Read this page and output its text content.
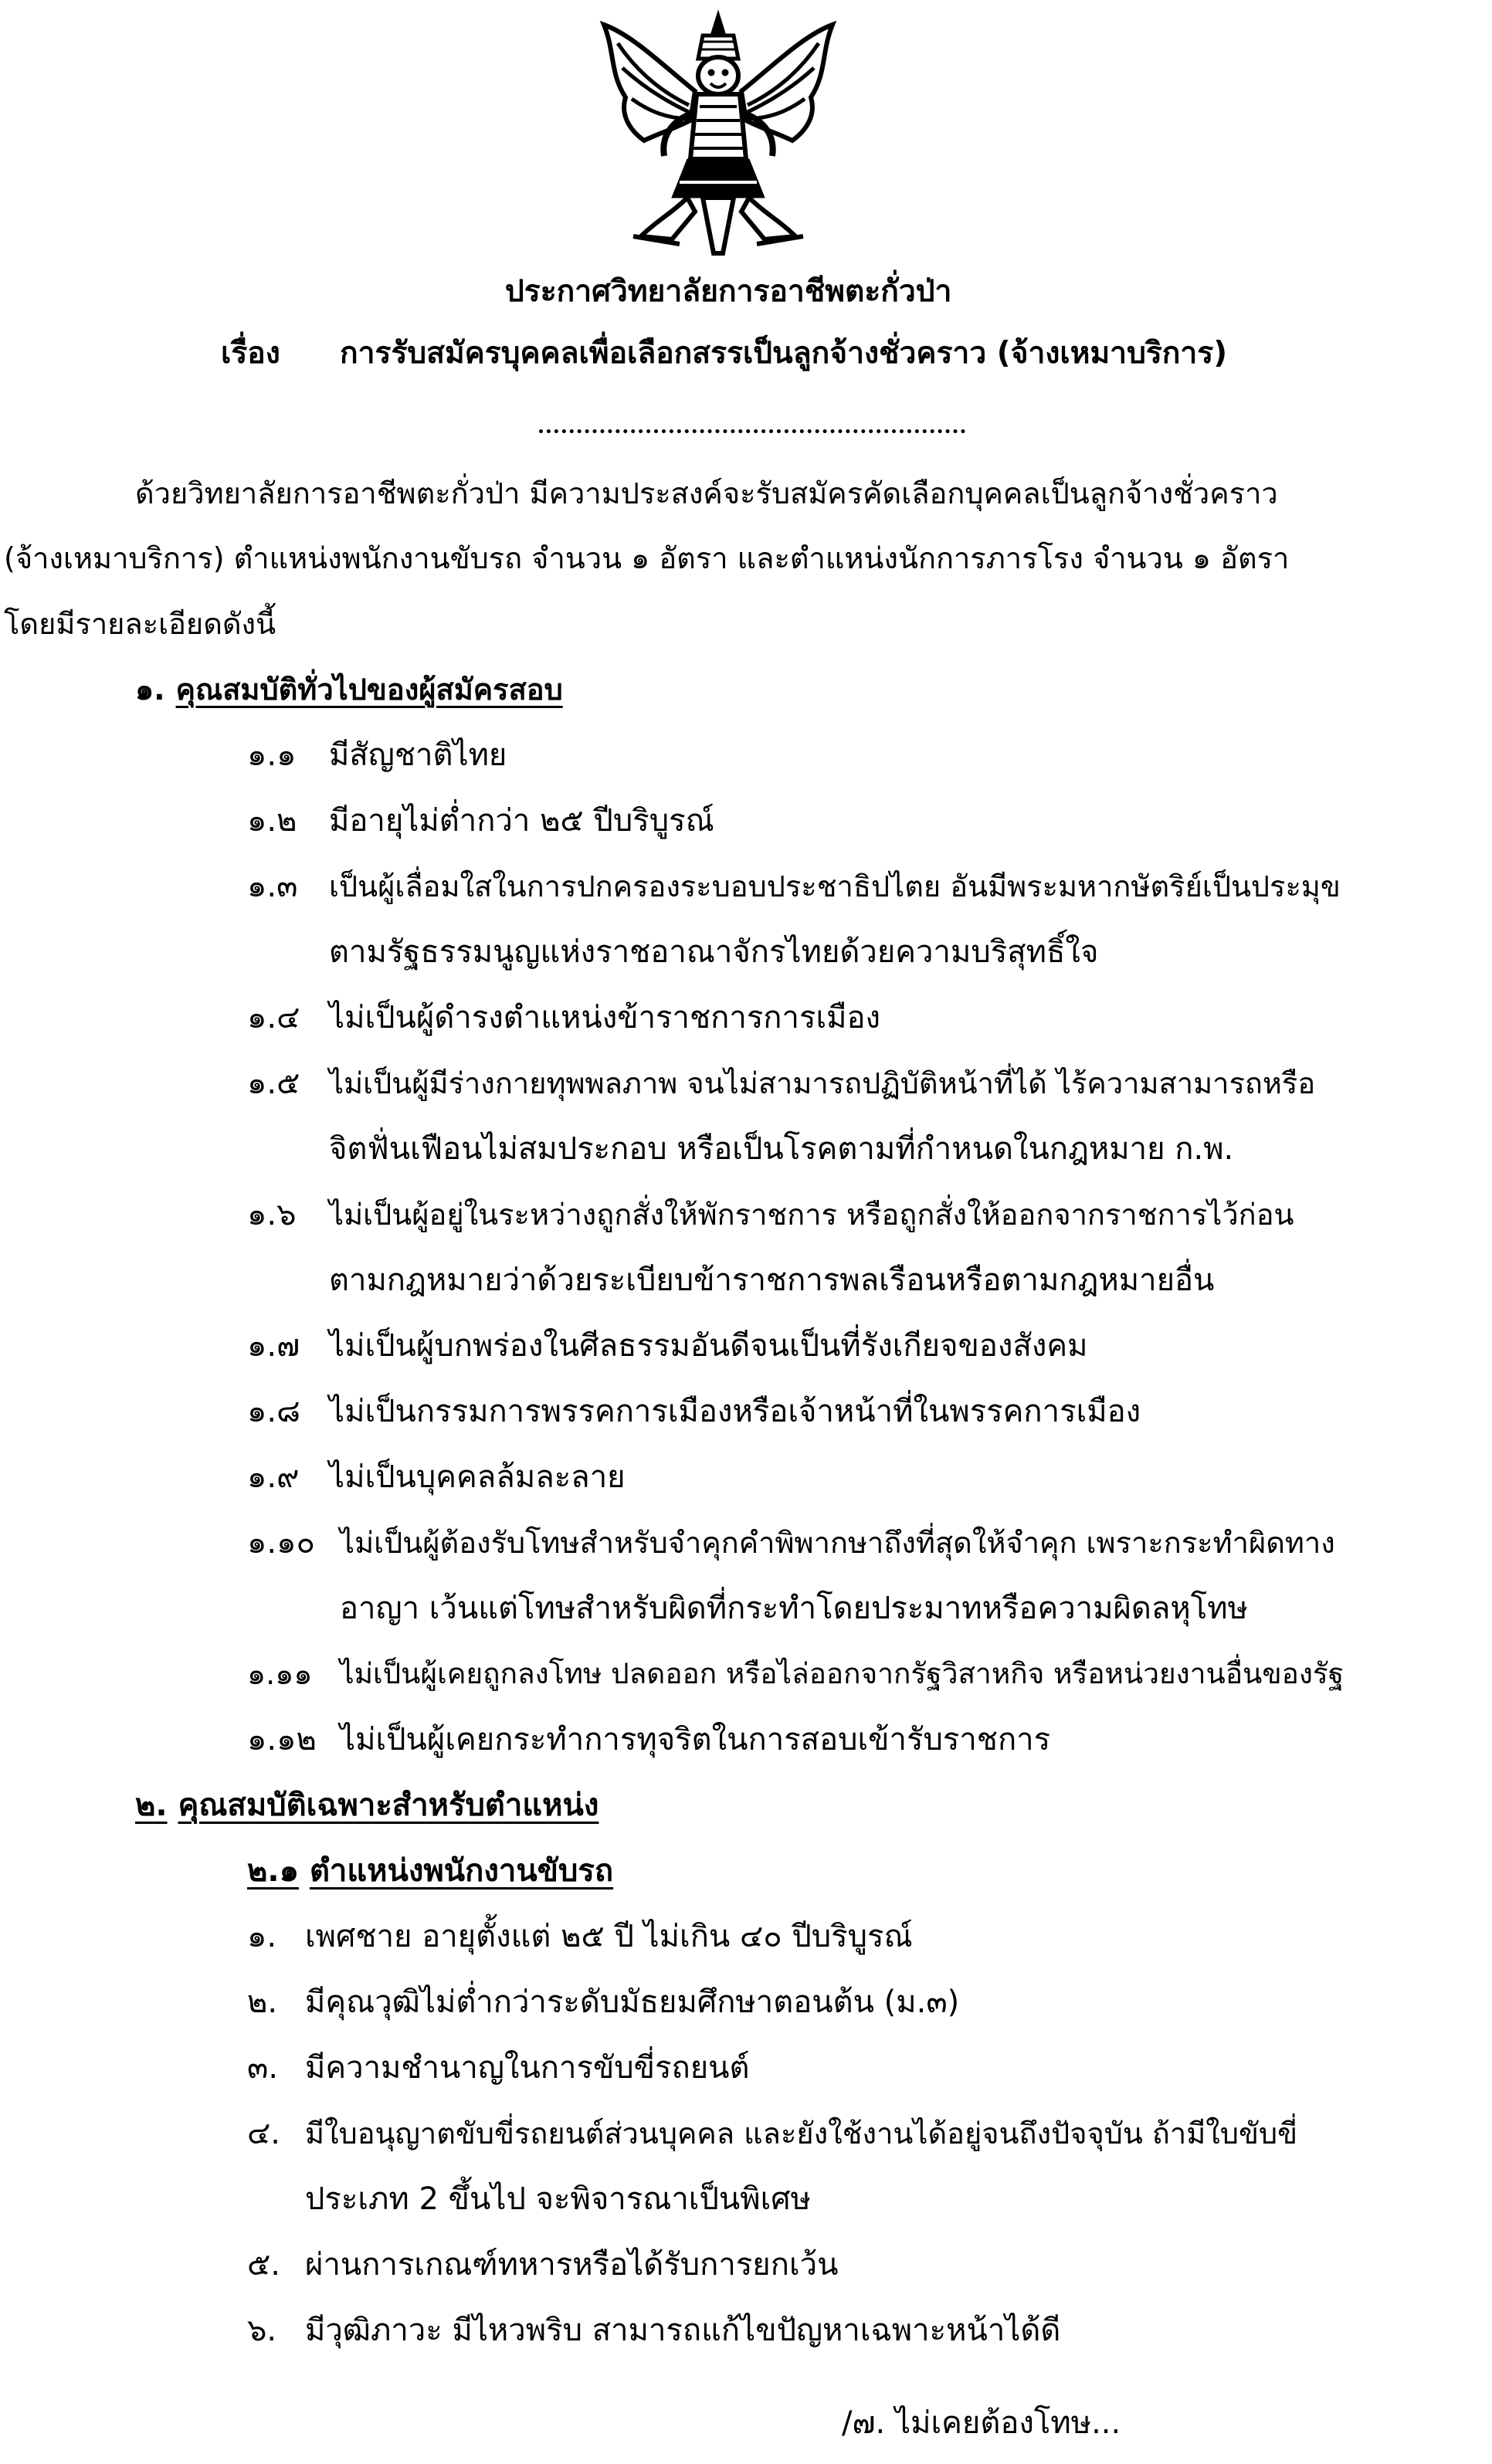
ประกาศวิทยาลัยการอาชีพตะกั่วป่า
เรื่อง การรับสมัครบุคคลเพื่อเลือกสรรเป็นลูกจ้างชั่วคราว (จ้างเหมาบริการ)
ด้วยวิทยาลัยการอาชีพตะกั่วป่า มีความประสงค์จะรับสมัครคัดเลือกบุคคลเป็นลูกจ้างชั่วคราว
(จ้างเหมาบริการ) ตำแหน่งพนักงานขับรถ จำนวน ๑ อัตรา และตำแหน่งนักการภารโรง จำนวน ๑ อัตรา
โดยมีรายละเอียดดังนี้
๑. คุณสมบัติทั่วไปของผู้สมัครสอบ
๑.๑ มีสัญชาติไทย
๑.๒ มีอายุไม่ต่ำกว่า ๒๕ ปีบริบูรณ์
๑.๓ เป็นผู้เลื่อมใสในการปกครองระบอบประชาธิปไตย อันมีพระมหากษัตริย์เป็นประมุข
ตามรัฐธรรมนูญแห่งราชอาณาจักรไทยด้วยความบริสุทธิ์ใจ
๑.๔ ไม่เป็นผู้ดำรงตำแหน่งข้าราชการการเมือง
๑.๕ ไม่เป็นผู้มีร่างกายทุพพลภาพ จนไม่สามารถปฏิบัติหน้าที่ได้ ไร้ความสามารถหรือ
จิตฟั่นเฟือนไม่สมประกอบ หรือเป็นโรคตามที่กำหนดในกฎหมาย ก.พ.
๑.๖ ไม่เป็นผู้อยู่ในระหว่างถูกสั่งให้พักราชการ หรือถูกสั่งให้ออกจากราชการไว้ก่อน
ตามกฎหมายว่าด้วยระเบียบข้าราชการพลเรือนหรือตามกฎหมายอื่น
๑.๗ ไม่เป็นผู้บกพร่องในศีลธรรมอันดีจนเป็นที่รังเกียจของสังคม
๑.๘ ไม่เป็นกรรมการพรรคการเมืองหรือเจ้าหน้าที่ในพรรคการเมือง
๑.๙ ไม่เป็นบุคคลล้มละลาย
๑.๑๐ ไม่เป็นผู้ต้องรับโทษสำหรับจำคุกคำพิพากษาถึงที่สุดให้จำคุก เพราะกระทำผิดทาง
อาญา เว้นแต่โทษสำหรับผิดที่กระทำโดยประมาทหรือความผิดลหุโทษ
๑.๑๑ ไม่เป็นผู้เคยถูกลงโทษ ปลดออก หรือไล่ออกจากรัฐวิสาหกิจ หรือหน่วยงานอื่นของรัฐ
๑.๑๒ ไม่เป็นผู้เคยกระทำการทุจริตในการสอบเข้ารับราชการ
๒. คุณสมบัติเฉพาะสำหรับตำแหน่ง
๒.๑ ตำแหน่งพนักงานขับรถ
๑. เพศชาย อายุตั้งแต่ ๒๕ ปี ไม่เกิน ๔๐ ปีบริบูรณ์
๒. มีคุณวุฒิไม่ต่ำกว่าระดับมัธยมศึกษาตอนต้น (ม.๓)
๓. มีความชำนาญในการขับขี่รถยนต์
๔. มีใบอนุญาตขับขี่รถยนต์ส่วนบุคคล และยังใช้งานได้อยู่จนถึงปัจจุบัน ถ้ามีใบขับขี่
ประเภท 2 ขึ้นไป จะพิจารณาเป็นพิเศษ
๕. ผ่านการเกณฑ์ทหารหรือได้รับการยกเว้น
๖. มีวุฒิภาวะ มีไหวพริบ สามารถแก้ไขปัญหาเฉพาะหน้าได้ดี
/๗. ไม่เคยต้องโทษ...
